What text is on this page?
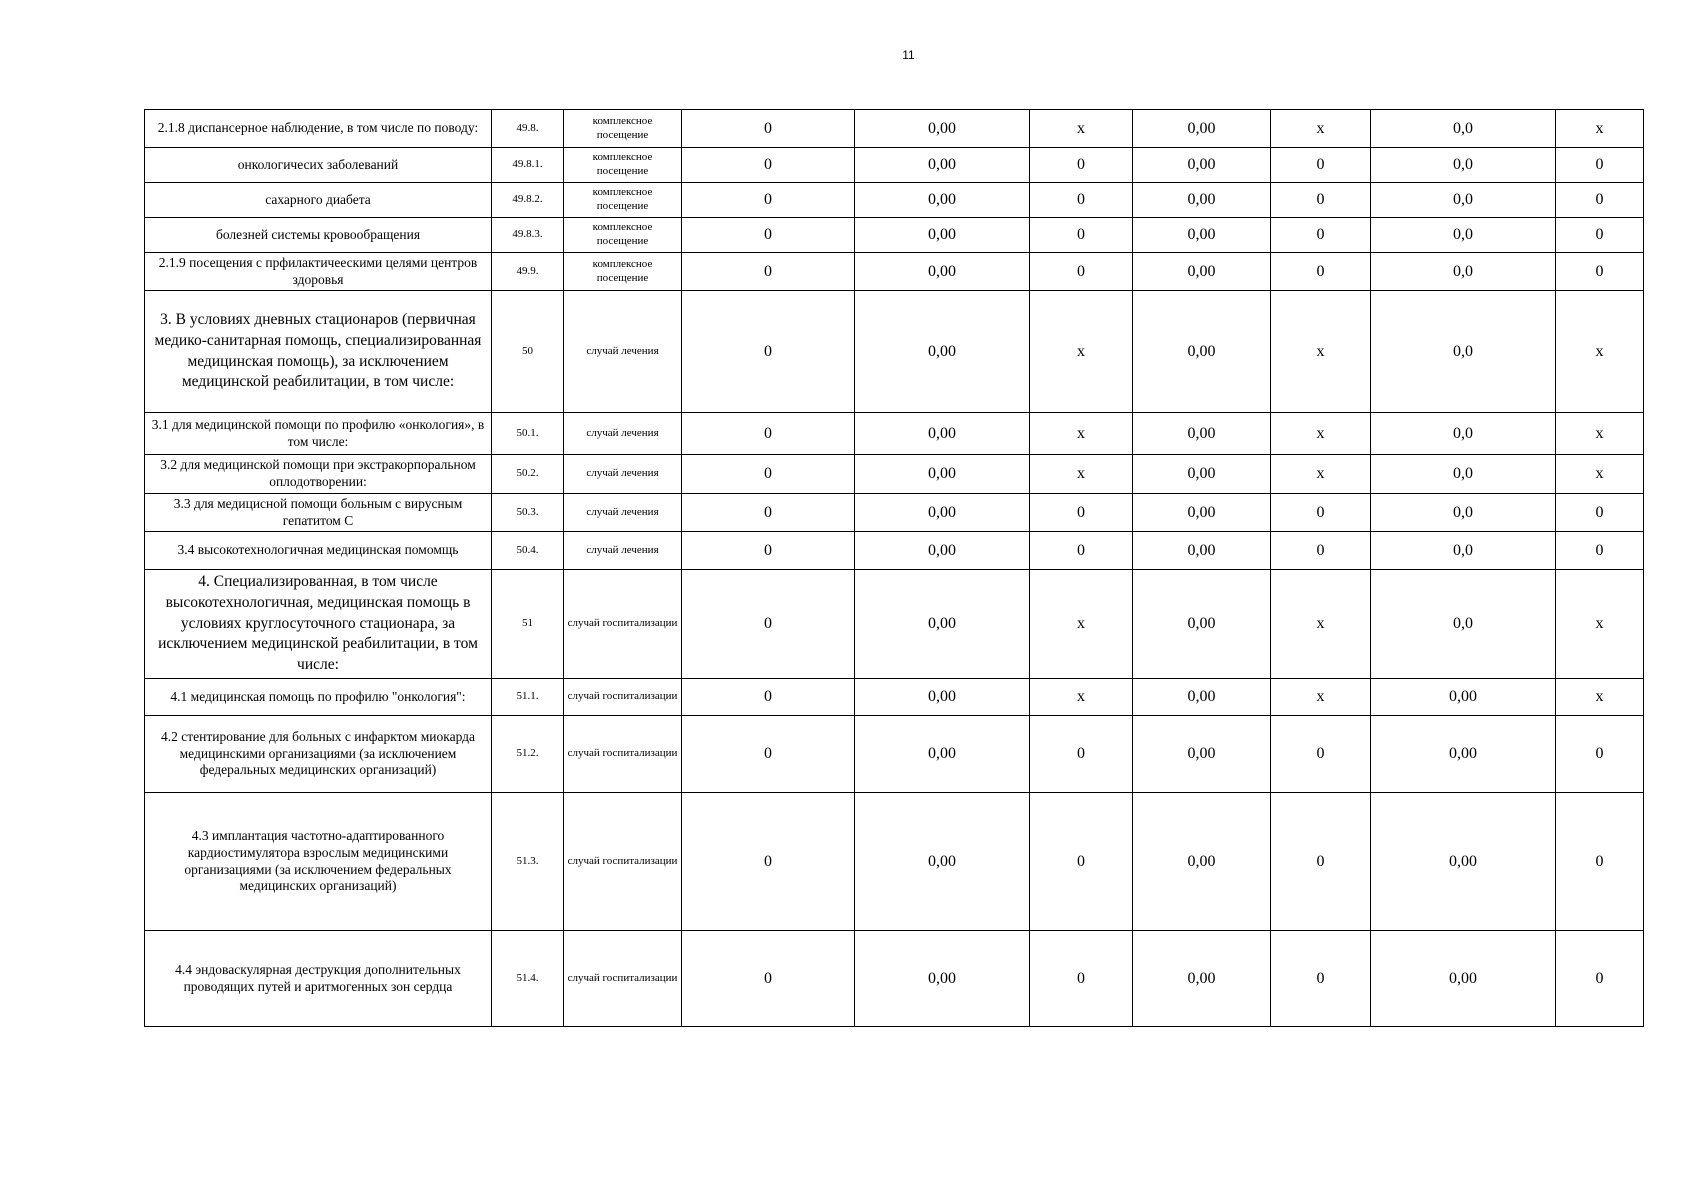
11
2.1.8 диспансерное наблюдение, в том числе по поводу:	49.8.	комплексное посещение	0	0,00	х	0,00	х	0,0	х
онкологичесих заболеваний	49.8.1.	комплексное посещение	0	0,00	0	0,00	0	0,0	0
сахарного диабета	49.8.2.	комплексное посещение	0	0,00	0	0,00	0	0,0	0
болезней системы кровообращения	49.8.3.	комплексное посещение	0	0,00	0	0,00	0	0,0	0
2.1.9 посещения с прфилактичеескими целями центров здоровья	49.9.	комплексное посещение	0	0,00	0	0,00	0	0,0	0
3. В условиях дневных стационаров (первичная медико-санитарная помощь, специализированная медицинская помощь), за исключением медицинской реабилитации, в том числе:	50	случай лечения	0	0,00	х	0,00	х	0,0	х
3.1 для медицинской помощи по профилю «онкология», в том числе:	50.1.	случай лечения	0	0,00	х	0,00	х	0,0	х
3.2 для медицинской помощи при экстракорпоральном оплодотворении:	50.2.	случай лечения	0	0,00	х	0,00	х	0,0	х
3.3 для медицисной помощи больным с вирусным гепатитом С	50.3.	случай лечения	0	0,00	0	0,00	0	0,0	0
3.4 высокотехнологичная медицинская помомщь	50.4.	случай лечения	0	0,00	0	0,00	0	0,0	0
4. Специализированная, в том числе высокотехнологичная, медицинская помощь в условиях круглосуточного стационара, за исключением медицинской реабилитации, в том числе:	51	случай госпитализации	0	0,00	х	0,00	х	0,0	х
4.1 медицинская помощь по профилю "онкология":	51.1.	случай госпитализации	0	0,00	х	0,00	х	0,00	х
4.2 стентирование для больных с инфарктом миокарда медицинскими организациями (за исключением федеральных медицинских организаций)	51.2.	случай госпитализации	0	0,00	0	0,00	0	0,00	0
4.3 имплантация частотно-адаптированного кардиостимулятора взрослым медицинскими организациями (за исключением федеральных медицинских организаций)	51.3.	случай госпитализации	0	0,00	0	0,00	0	0,00	0
4.4 эндоваскулярная деструкция дополнительных проводящих путей и аритмогенных зон сердца	51.4.	случай госпитализации	0	0,00	0	0,00	0	0,00	0
